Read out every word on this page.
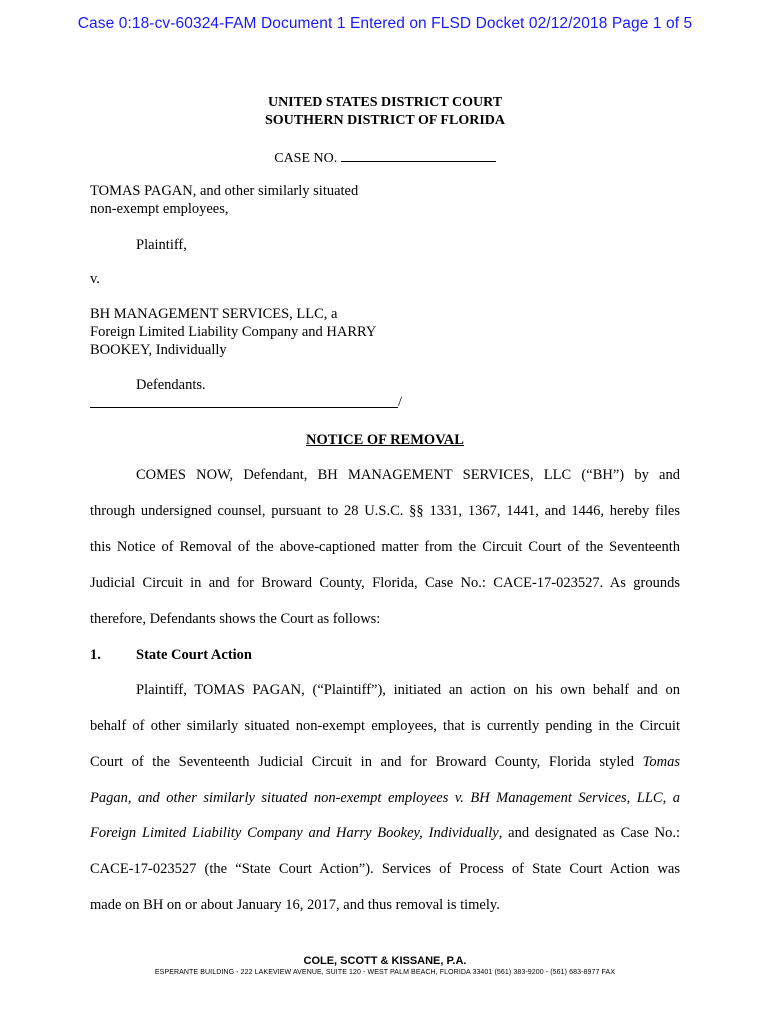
Case 0:18-cv-60324-FAM Document 1 Entered on FLSD Docket 02/12/2018 Page 1 of 5
UNITED STATES DISTRICT COURT
SOUTHERN DISTRICT OF FLORIDA
CASE NO.
TOMAS PAGAN, and other similarly situated
non-exempt employees,
Plaintiff,
v.
BH MANAGEMENT SERVICES, LLC, a
Foreign Limited Liability Company and HARRY
BOOKEY, Individually
Defendants.
/
NOTICE OF REMOVAL
COMES NOW, Defendant, BH MANAGEMENT SERVICES, LLC (“BH”) by and
through undersigned counsel, pursuant to 28 U.S.C. §§ 1331, 1367, 1441, and 1446, hereby files
this Notice of Removal of the above-captioned matter from the Circuit Court of the Seventeenth
Judicial Circuit in and for Broward County, Florida, Case No.: CACE-17-023527. As grounds
therefore, Defendants shows the Court as follows:
1. State Court Action
Plaintiff, TOMAS PAGAN, (“Plaintiff”), initiated an action on his own behalf and on
behalf of other similarly situated non-exempt employees, that is currently pending in the Circuit
Court of the Seventeenth Judicial Circuit in and for Broward County, Florida styled Tomas
Pagan, and other similarly situated non-exempt employees v. BH Management Services, LLC, a
Foreign Limited Liability Company and Harry Bookey, Individually, and designated as Case No.:
CACE-17-023527 (the “State Court Action”). Services of Process of State Court Action was
made on BH on or about January 16, 2017, and thus removal is timely.
COLE, SCOTT & KISSANE, P.A.
ESPERANTE BUILDING - 222 LAKEVIEW AVENUE, SUITE 120 - WEST PALM BEACH, FLORIDA 33401 (561) 383-9200 - (561) 683-8977 FAX
